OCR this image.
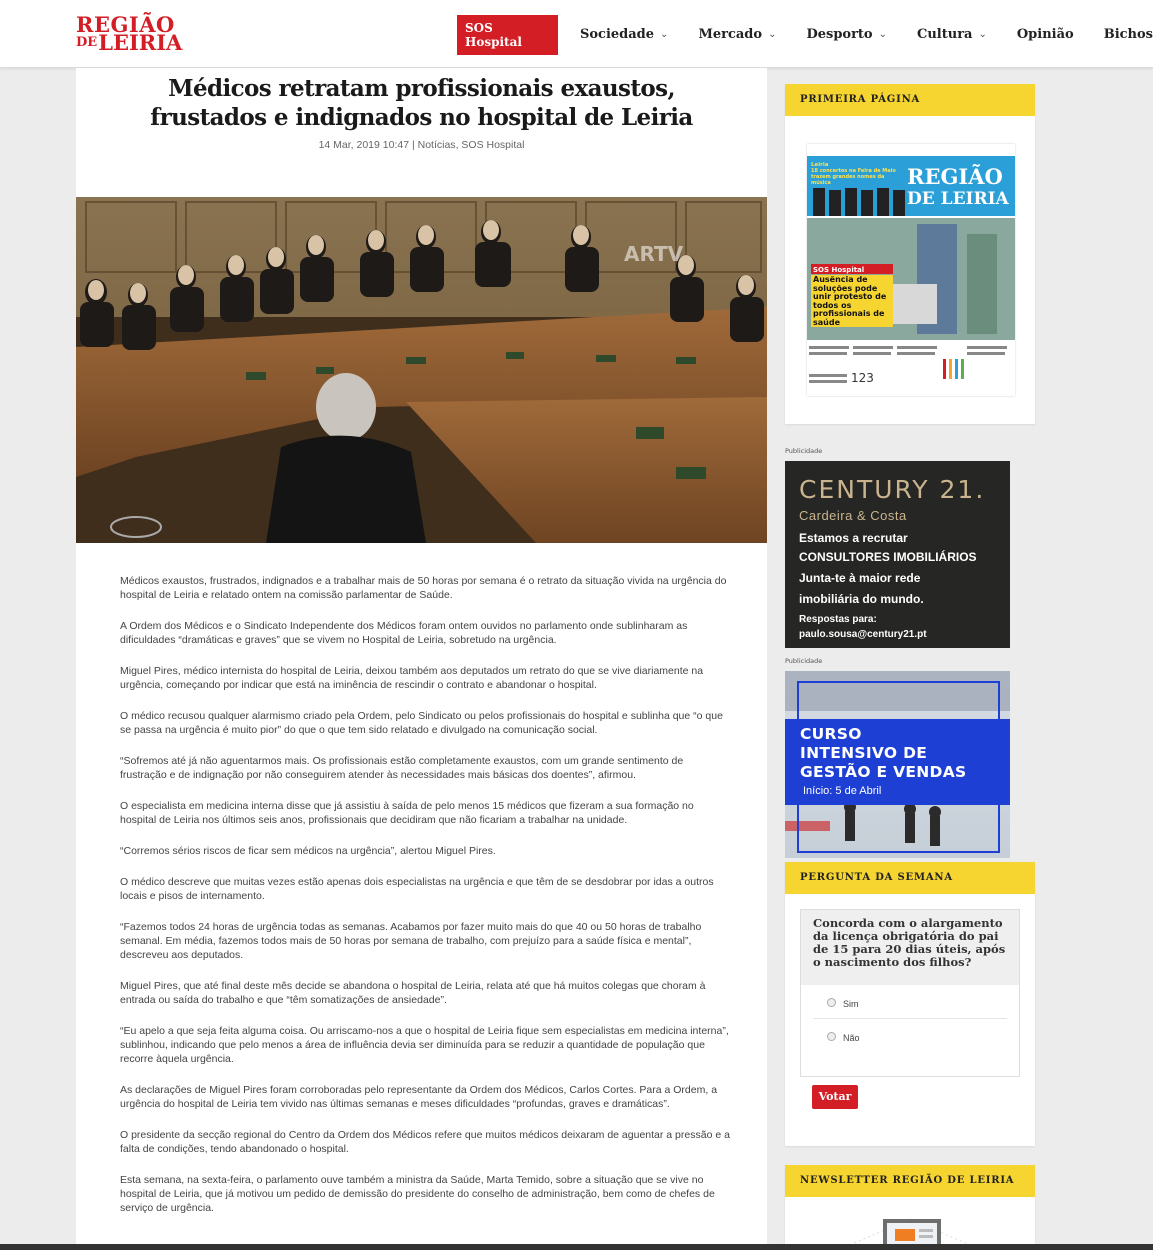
REGIÃO
DELEIRIA
SOS Hospital	Sociedade ⌄ Mercado ⌄ Desporto ⌄ Cultura ⌄ Opinião Bichos
Médicos retratam profissionais exaustos, frustados e indignados no hospital de Leiria
14 Mar, 2019 10:47 | Notícias, SOS Hospital
ARTV

Médicos exaustos, frustrados, indignados e a trabalhar mais de 50 horas por semana é o retrato da situação vivida na urgência do hospital de Leiria e relatado ontem na comissão parlamentar de Saúde.

A Ordem dos Médicos e o Sindicato Independente dos Médicos foram ontem ouvidos no parlamento onde sublinharam as dificuldades “dramáticas e graves” que se vivem no Hospital de Leiria, sobretudo na urgência.

Miguel Pires, médico internista do hospital de Leiria, deixou também aos deputados um retrato do que se vive diariamente na urgência, começando por indicar que está na iminência de rescindir o contrato e abandonar o hospital.

O médico recusou qualquer alarmismo criado pela Ordem, pelo Sindicato ou pelos profissionais do hospital e sublinha que “o que se passa na urgência é muito pior” do que o que tem sido relatado e divulgado na comunicação social.

“Sofremos até já não aguentarmos mais. Os profissionais estão completamente exaustos, com um grande sentimento de frustração e de indignação por não conseguirem atender às necessidades mais básicas dos doentes”, afirmou.

O especialista em medicina interna disse que já assistiu à saída de pelo menos 15 médicos que fizeram a sua formação no hospital de Leiria nos últimos seis anos, profissionais que decidiram que não ficariam a trabalhar na unidade.

“Corremos sérios riscos de ficar sem médicos na urgência”, alertou Miguel Pires.

O médico descreve que muitas vezes estão apenas dois especialistas na urgência e que têm de se desdobrar por idas a outros locais e pisos de internamento.

“Fazemos todos 24 horas de urgência todas as semanas. Acabamos por fazer muito mais do que 40 ou 50 horas de trabalho semanal. Em média, fazemos todos mais de 50 horas por semana de trabalho, com prejuízo para a saúde física e mental”, descreveu aos deputados.

Miguel Pires, que até final deste mês decide se abandona o hospital de Leiria, relata até que há muitos colegas que choram à entrada ou saída do trabalho e que “têm somatizações de ansiedade”.

“Eu apelo a que seja feita alguma coisa. Ou arriscamo-nos a que o hospital de Leiria fique sem especialistas em medicina interna”, sublinhou, indicando que pelo menos a área de influência devia ser diminuída para se reduzir a quantidade de população que recorre àquela urgência.

As declarações de Miguel Pires foram corroboradas pelo representante da Ordem dos Médicos, Carlos Cortes. Para a Ordem, a urgência do hospital de Leiria tem vivido nas últimas semanas e meses dificuldades “profundas, graves e dramáticas”.

O presidente da secção regional do Centro da Ordem dos Médicos refere que muitos médicos deixaram de aguentar a pressão e a falta de condições, tendo abandonado o hospital.

Esta semana, na sexta-feira, o parlamento ouve também a ministra da Saúde, Marta Temido, sobre a situação que se vive no hospital de Leiria, que já motivou um pedido de demissão do presidente do conselho de administração, bem como de chefes de serviço de urgência.

PRIMEIRA PÁGINA
REGIÃO
DE LEIRIA
Leiria
18 concertos na Feira de Maio trazem grandes nomes da música
SOS Hospital
Ausência de soluções pode unir protesto de todos os profissionais de saúde
123
Publicidade
CENTURY 21.
Cardeira & Costa
Estamos a recrutar
CONSULTORES IMOBILIÁRIOS
Junta-te à maior rede
imobiliária do mundo.
Respostas para:
paulo.sousa@century21.pt
Publicidade
CURSO
INTENSIVO DE
GESTÃO E VENDAS
Início: 5 de Abril
PERGUNTA DA SEMANA
Concorda com o alargamento da licença obrigatória do pai de 15 para 20 dias úteis, após o nascimento dos filhos?
Sim
Não
Votar
NEWSLETTER REGIÃO DE LEIRIA
